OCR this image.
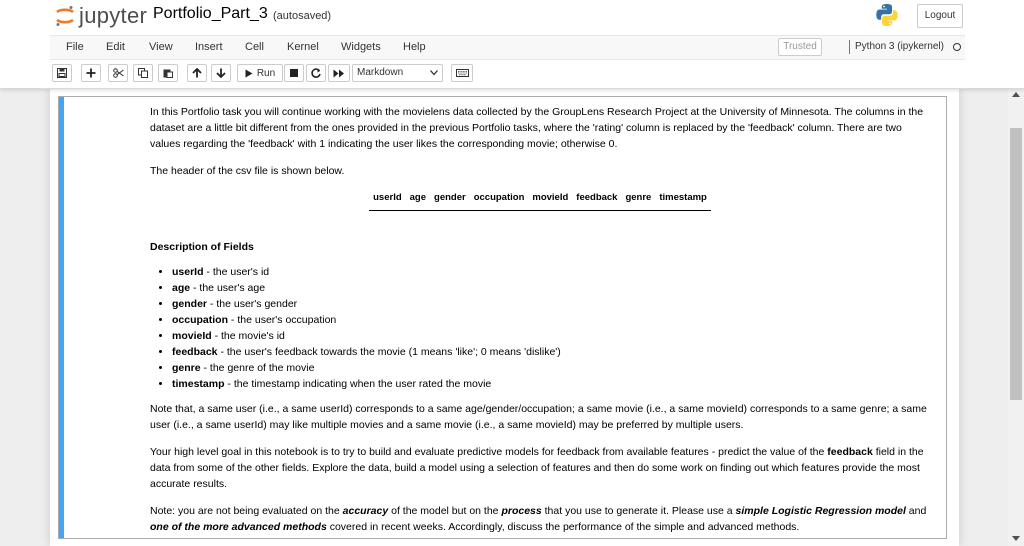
jupyter Portfolio_Part_3 (autosaved)	Logout
File Edit View Insert Cell Kernel Widgets Help	Trusted	Python 3 (ipykernel)
Run	Markdown

In this Portfolio task you will continue working with the movielens data collected by the GroupLens Research Project at the University of Minnesota. The columns in the dataset are a little bit different from the ones provided in the previous Portfolio tasks, where the 'rating' column is replaced by the 'feedback' column. There are two values regarding the 'feedback' with 1 indicating the user likes the corresponding movie; otherwise 0.

The header of the csv file is shown below.

userId	age	gender	occupation	movieId	feedback	genre	timestamp

Description of Fields

• userId - the user's id
• age - the user's age
• gender - the user's gender
• occupation - the user's occupation
• movieId - the movie's id
• feedback - the user's feedback towards the movie (1 means 'like'; 0 means 'dislike')
• genre - the genre of the movie
• timestamp - the timestamp indicating when the user rated the movie

Note that, a same user (i.e., a same userId) corresponds to a same age/gender/occupation; a same movie (i.e., a same movieId) corresponds to a same genre; a same user (i.e., a same userId) may like multiple movies and a same movie (i.e., a same movieId) may be preferred by multiple users.

Your high level goal in this notebook is to try to build and evaluate predictive models for feedback from available features - predict the value of the feedback field in the data from some of the other fields. Explore the data, build a model using a selection of features and then do some work on finding out which features provide the most accurate results.

Note: you are not being evaluated on the accuracy of the model but on the process that you use to generate it. Please use a simple Logistic Regression model and one of the more advanced methods covered in recent weeks. Accordingly, discuss the performance of the simple and advanced methods.
